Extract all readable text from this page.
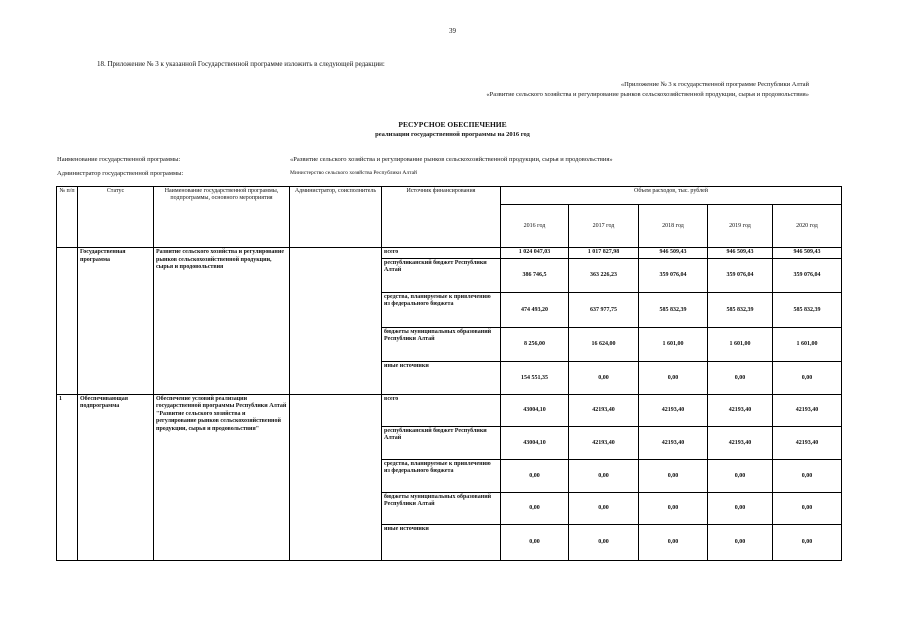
39
18. Приложение № 3 к указанной Государственной программе изложить в следующей редакции:
«Приложение № 3 к государственной программе Республики Алтай
«Развитие сельского хозяйства и регулирование рынков сельскохозяйственной продукции, сырья и продовольствия»
РЕСУРСНОЕ ОБЕСПЕЧЕНИЕ
реализации государственной программы на 2016 год
Наименование государственной программы:	«Развитие сельского хозяйства и регулирование рынков сельскохозяйственной продукции, сырья и продовольствия»
Администратор государственной программы:	Министерство сельского хозяйства Республики Алтай
№ п/п	Статус	Наименование государственной программы, подпрограммы, основного мероприятия	Администратор, соисполнитель	Источник финансирования	Объем расходов, тыс. рублей				
					2016 год	2017 год	2018 год	2019 год	2020 год
	Государственная программа	Развитие сельского хозяйства и регулирование рынков сельскохозяйственной продукции, сырья и продовольствия		всего	1 024 047,03	1 017 827,98	946 509,43	946 509,43	946 509,43
				республиканский бюджет Республики Алтай	386 746,5	363 226,23	359 076,04	359 076,04	359 076,04
				средства, планируемые к привлечению из федерального бюджета	474 493,20	637 977,75	585 832,39	585 832,39	585 832,39
				бюджеты муниципальных образований Республики Алтай	8 256,00	16 624,00	1 601,00	1 601,00	1 601,00
				иные источники	154 551,35	0,00	0,00	0,00	0,00
1	Обеспечивающая подпрограмма	Обеспечение условий реализации государственной программы Республики Алтай "Развитие сельского хозяйства и регулирование рынков сельскохозяйственной продукции, сырья и продовольствия"		всего	43004,10	42193,40	42193,40	42193,40	42193,40
				республиканский бюджет Республики Алтай	43004,10	42193,40	42193,40	42193,40	42193,40
				средства, планируемые к привлечению из федерального бюджета	0,00	0,00	0,00	0,00	0,00
				бюджеты муниципальных образований Республики Алтай	0,00	0,00	0,00	0,00	0,00
				иные источники	0,00	0,00	0,00	0,00	0,00
